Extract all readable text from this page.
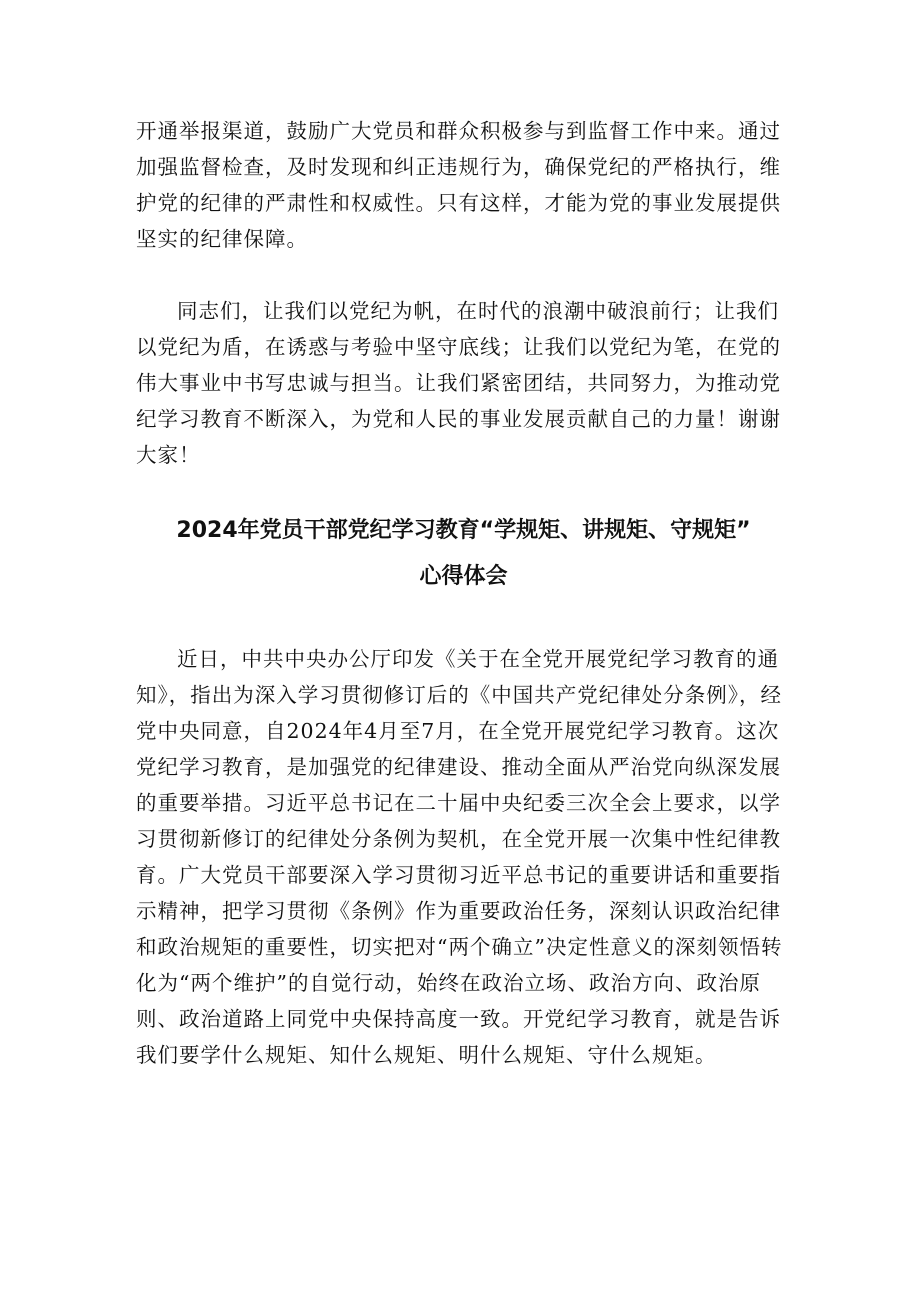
开通举报渠道，鼓励广大党员和群众积极参与到监督工作中来。通过加强监督检查，及时发现和纠正违规行为，确保党纪的严格执行，维护党的纪律的严肃性和权威性。只有这样，才能为党的事业发展提供坚实的纪律保障。

同志们，让我们以党纪为帆，在时代的浪潮中破浪前行；让我们以党纪为盾，在诱惑与考验中坚守底线；让我们以党纪为笔，在党的伟大事业中书写忠诚与担当。让我们紧密团结，共同努力，为推动党纪学习教育不断深入，为党和人民的事业发展贡献自己的力量！谢谢大家！

2024年党员干部党纪学习教育“学规矩、讲规矩、守规矩”
心得体会

近日，中共中央办公厅印发《关于在全党开展党纪学习教育的通知》，指出为深入学习贯彻修订后的《中国共产党纪律处分条例》，经党中央同意，自2024年4月至7月，在全党开展党纪学习教育。这次党纪学习教育，是加强党的纪律建设、推动全面从严治党向纵深发展的重要举措。习近平总书记在二十届中央纪委三次全会上要求，以学习贯彻新修订的纪律处分条例为契机，在全党开展一次集中性纪律教育。广大党员干部要深入学习贯彻习近平总书记的重要讲话和重要指示精神，把学习贯彻《条例》作为重要政治任务，深刻认识政治纪律和政治规矩的重要性，切实把对“两个确立”决定性意义的深刻领悟转化为“两个维护”的自觉行动，始终在政治立场、政治方向、政治原则、政治道路上同党中央保持高度一致。开党纪学习教育，就是告诉我们要学什么规矩、知什么规矩、明什么规矩、守什么规矩。
